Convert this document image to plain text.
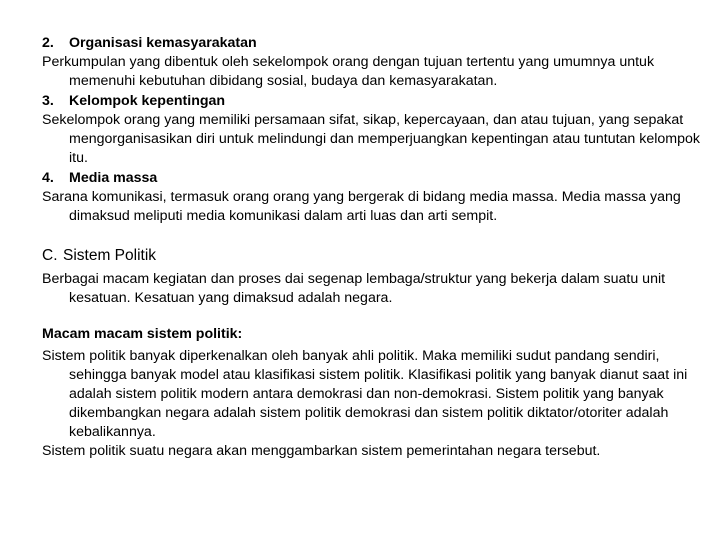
2. Organisasi kemasyarakatan

Perkumpulan yang dibentuk oleh sekelompok orang dengan tujuan tertentu yang umumnya untuk memenuhi kebutuhan dibidang sosial, budaya dan kemasyarakatan.

3. Kelompok kepentingan

Sekelompok orang yang memiliki persamaan sifat, sikap, kepercayaan, dan atau tujuan, yang sepakat mengorganisasikan diri untuk melindungi dan memperjuangkan kepentingan atau tuntutan kelompok itu.

4. Media massa

Sarana komunikasi, termasuk orang orang yang bergerak di bidang media massa. Media massa yang dimaksud meliputi media komunikasi dalam arti luas dan arti sempit.

C. Sistem Politik

Berbagai macam kegiatan dan proses dai segenap lembaga/struktur yang bekerja dalam suatu unit kesatuan. Kesatuan yang dimaksud adalah negara.

Macam macam sistem politik:

Sistem politik banyak diperkenalkan oleh banyak ahli politik. Maka memiliki sudut pandang sendiri, sehingga banyak model atau klasifikasi sistem politik. Klasifikasi politik yang banyak dianut saat ini adalah sistem politik modern antara demokrasi dan non-demokrasi. Sistem politik yang banyak dikembangkan negara adalah sistem politik demokrasi dan sistem politik diktator/otoriter adalah kebalikannya.

Sistem politik suatu negara akan menggambarkan sistem pemerintahan negara tersebut.
